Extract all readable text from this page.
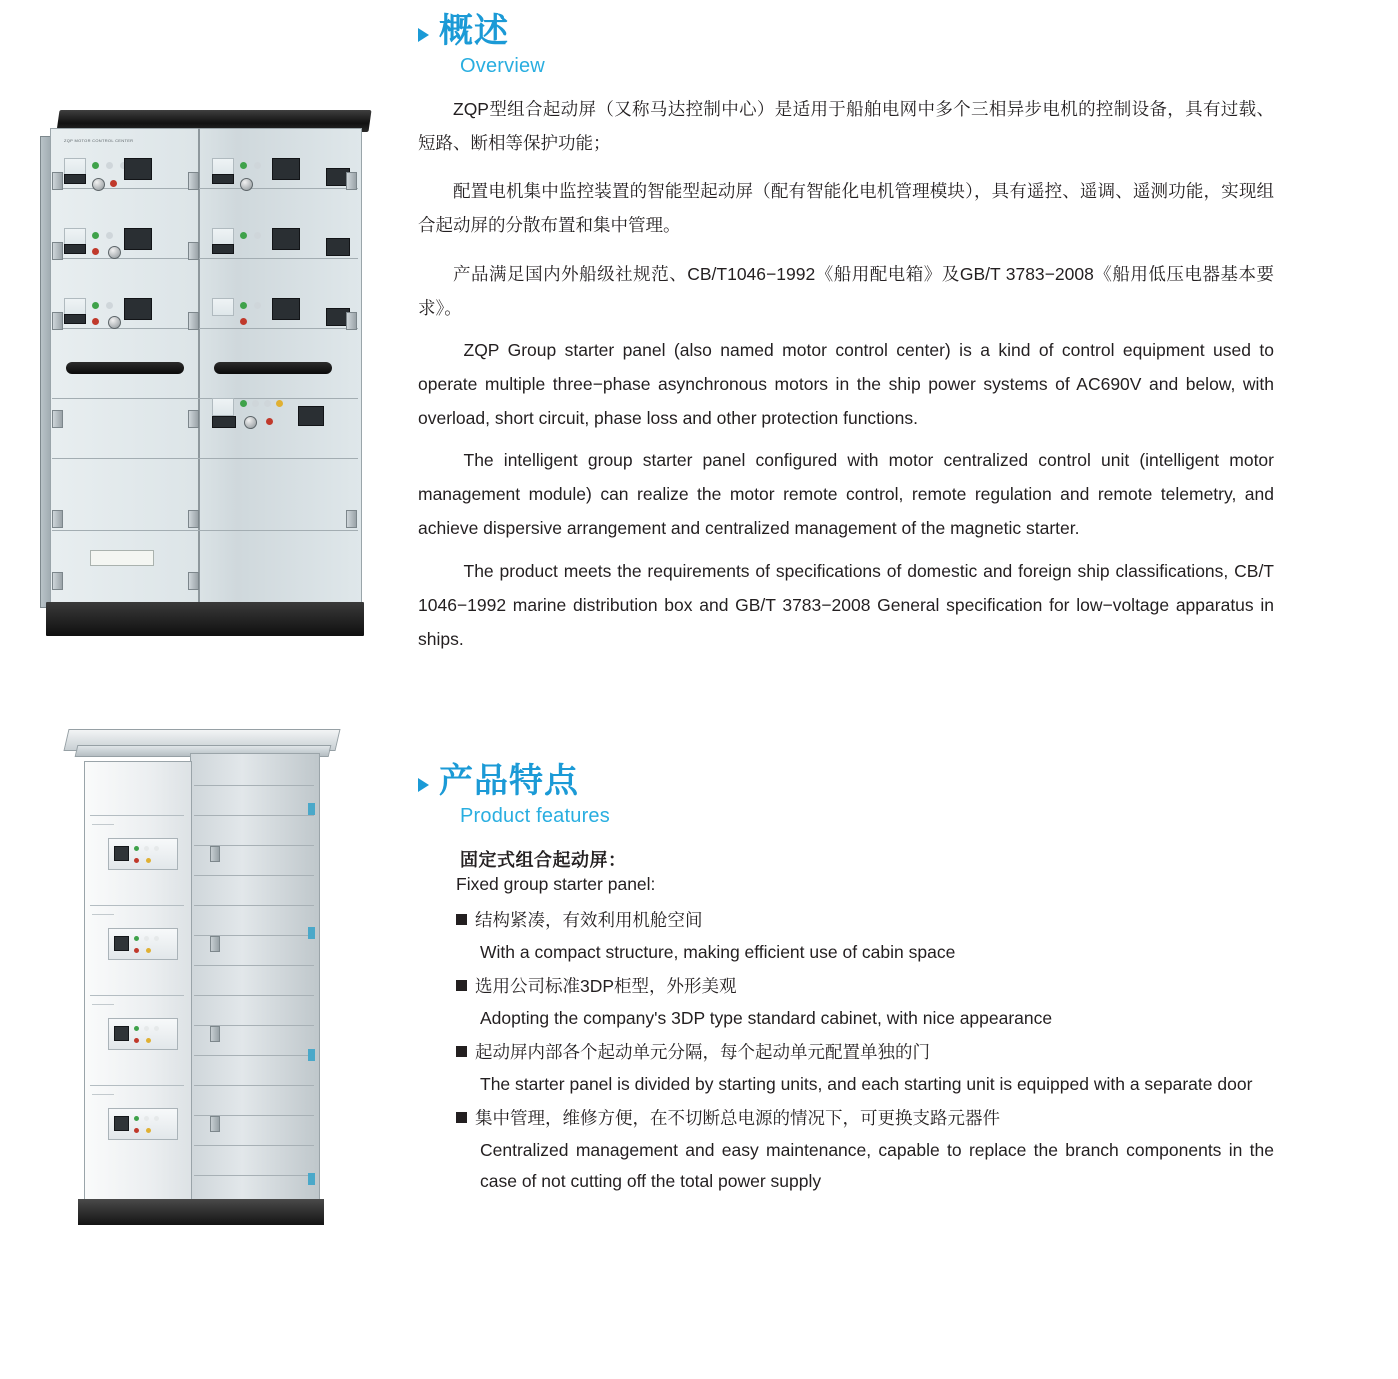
ZQP MOTOR CONTROL CENTER
概述
Overview

ZQP型组合起动屏（又称马达控制中心）是适用于船舶电网中多个三相异步电机的控制设备，具有过载、短路、断相等保护功能；

配置电机集中监控装置的智能型起动屏（配有智能化电机管理模块），具有遥控、遥调、遥测功能，实现组合起动屏的分散布置和集中管理。

产品满足国内外船级社规范、CB/T1046−1992《船用配电箱》及GB/T 3783−2008《船用低压电器基本要求》。

ZQP Group starter panel (also named motor control center) is a kind of control equipment used to operate multiple three−phase asynchronous motors in the ship power systems of AC690V and below, with overload, short circuit, phase loss and other protection functions.

The intelligent group starter panel configured with motor centralized control unit (intelligent motor management module) can realize the motor remote control, remote regulation and remote telemetry, and achieve dispersive arrangement and centralized management of the magnetic starter.

The product meets the requirements of specifications of domestic and foreign ship classifications, CB/T 1046−1992 marine distribution box and GB/T 3783−2008 General specification for low−voltage apparatus in ships.

产品特点
Product features
固定式组合起动屏：
Fixed group starter panel:
结构紧凑，有效利用机舱空间
With a compact structure, making efficient use of cabin space
选用公司标准3DP柜型，外形美观
Adopting the company's 3DP type standard cabinet, with nice appearance
起动屏内部各个起动单元分隔，每个起动单元配置单独的门
The starter panel is divided by starting units, and each starting unit is equipped with a separate door
集中管理，维修方便，在不切断总电源的情况下，可更换支路元器件
Centralized management and easy maintenance, capable to replace the branch components in the case of not cutting off the total power supply
